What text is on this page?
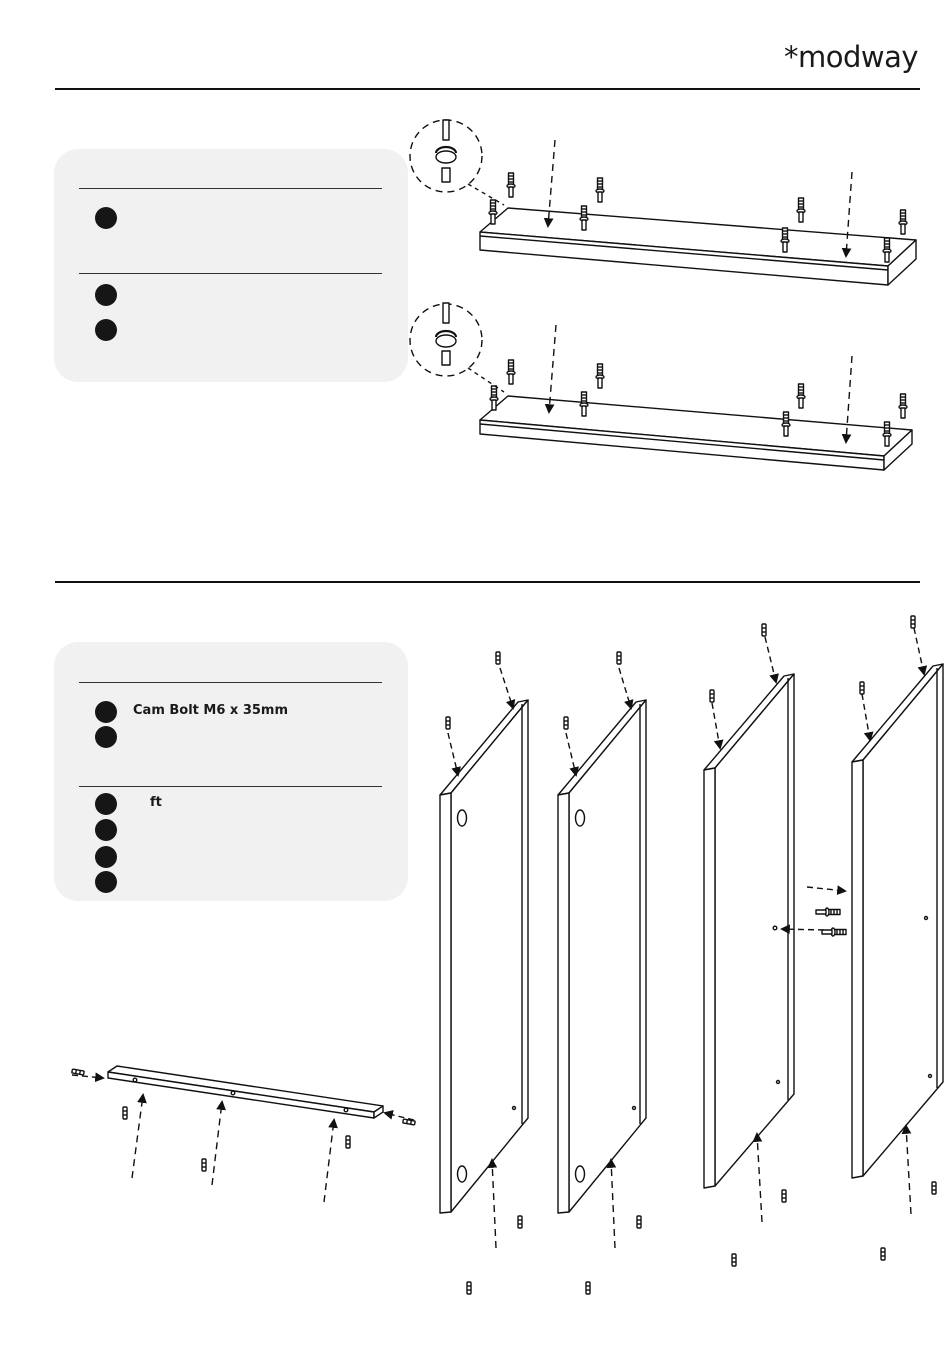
*modway
Cam Bolt M6 x 35mm
ft
